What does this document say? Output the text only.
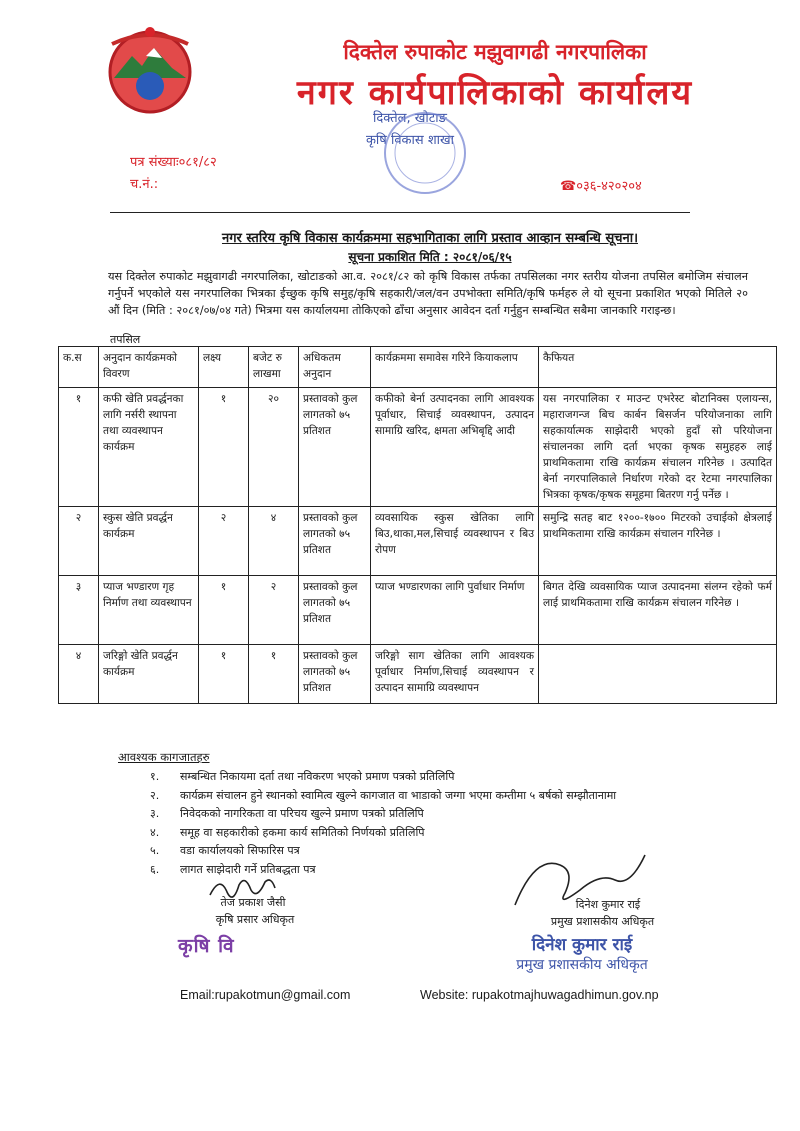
दिक्तेल रुपाकोट मझुवागढी नगरपालिका
नगर कार्यपालिकाको कार्यालय
दिक्तेल, खोटाङ
कृषि विकास शाखा
पत्र संख्याः०८१/८२
च.नं.:	☎०३६-४२०२०४
नगर स्तरिय कृषि विकास कार्यक्रममा सहभागिताका लागि प्रस्ताव आव्हान सम्बन्धि सूचना।
सूचना प्रकाशित मिति : २०८१/०६/१५
यस दिक्तेल रुपाकोट मझुवागढी नगरपालिका, खोटाङको आ.व. २०८१/८२ को कृषि विकास तर्फका तपसिलका नगर स्तरीय योजना तपसिल बमोजिम संचालन गर्नुपर्ने भएकोले यस नगरपालिका भित्रका ईच्छुक कृषि समुह/कृषि सहकारी/जल/वन उपभोक्ता समिति/कृषि फर्महरु ले यो सूचना प्रकाशित भएको मितिले २० औं दिन (मिति : २०८१/०७/०४ गते) भित्रमा यस कार्यालयमा तोकिएको ढाँचा अनुसार आवेदन दर्ता गर्नुहुन सम्बन्धित सबैमा जानकारि गराइन्छ।
तपसिल
क.स	अनुदान कार्यक्रमको विवरण	लक्ष्य	बजेट रु लाखमा	अधिकतम अनुदान	कार्यक्रममा समावेस गरिने कियाकलाप	कैफियत
१	कफी खेति प्रवर्द्धनका लागि नर्सरी स्थापना तथा व्यवस्थापन कार्यक्रम	१	२०	प्रस्तावको कुल लागतको ७५ प्रतिशत	कफीको बेर्ना उत्पादनका लागि आवश्यक पूर्वाधार, सिचाई व्यवस्थापन, उत्पादन सामाग्रि खरिद, क्षमता अभिबृद्दि आदी	यस नगरपालिका र माउन्ट एभरेस्ट बोटानिक्स एलायन्स, महाराजगन्ज बिच कार्बन बिसर्जन परियोजनाका लागि सहकार्यात्मक साझेदारी भएको हुदाँ सो परियोजना संचालनका लागि दर्ता भएका कृषक समुहहरु लाई प्राथमिकतामा राखि कार्यक्रम संचालन गरिनेछ । उत्पादित बेर्ना नगरपालिकाले निर्धारण गरेको दर रेटमा नगरपालिका भित्रका कृषक/कृषक समूहमा बितरण गर्नु पर्नेछ ।
२	स्कुस खेति प्रवर्द्धन कार्यक्रम	२	४	प्रस्तावको कुल लागतको ७५ प्रतिशत	व्यवसायिक स्कुस खेतिका लागि बिउ,थाका,मल,सिचाई व्यवस्थापन र बिउ रोपण	समुन्द्रि सतह बाट १२००-१७०० मिटरको उचाईको क्षेत्रलाई प्राथमिकतामा राखि कार्यक्रम संचालन गरिनेछ ।
३	प्याज भण्डारण गृह निर्माण तथा व्यवस्थापन	१	२	प्रस्तावको कुल लागतको ७५ प्रतिशत	प्याज भण्डारणका लागि पुर्वाधार निर्माण	बिगत देखि व्यवसायिक प्याज उत्पादनमा संलग्न रहेको फर्म लाई प्राथमिकतामा राखि कार्यक्रम संचालन गरिनेछ ।
४	जरिङ्गो खेति प्रवर्द्धन कार्यक्रम	१	१	प्रस्तावको कुल लागतको ७५ प्रतिशत	जरिङ्गो साग खेतिका लागि आवश्यक पूर्वाधार निर्माण,सिचाई व्यवस्थापन र उत्पादन सामाग्रि व्यवस्थापन	
आवश्यक कागजातहरु
१. सम्बन्धित निकायमा दर्ता तथा नविकरण भएको प्रमाण पत्रको प्रतिलिपि
२. कार्यक्रम संचालन हुने स्थानको स्वामित्व खुल्ने कागजात वा भाडाको जग्गा भएमा कम्तीमा ५ बर्षको सम्झौतानामा
३. निवेदकको नागरिकता वा परिचय खुल्ने प्रमाण पत्रको प्रतिलिपि
४. समूह वा सहकारीको हकमा कार्य समितिको निर्णयको प्रतिलिपि
५. वडा कार्यालयको सिफारिस पत्र
६. लागत साझेदारी गर्ने प्रतिबद्धता पत्र
तेज प्रकाश जैसी
कृषि प्रसार अधिकृत
कृषि वि
दिनेश कुमार राई
प्रमुख प्रशासकीय अधिकृत
दिनेश कुमार राई
प्रमुख प्रशासकीय अधिकृत
Email:rupakotmun@gmail.com	Website: rupakotmajhuwagadhimun.gov.np
